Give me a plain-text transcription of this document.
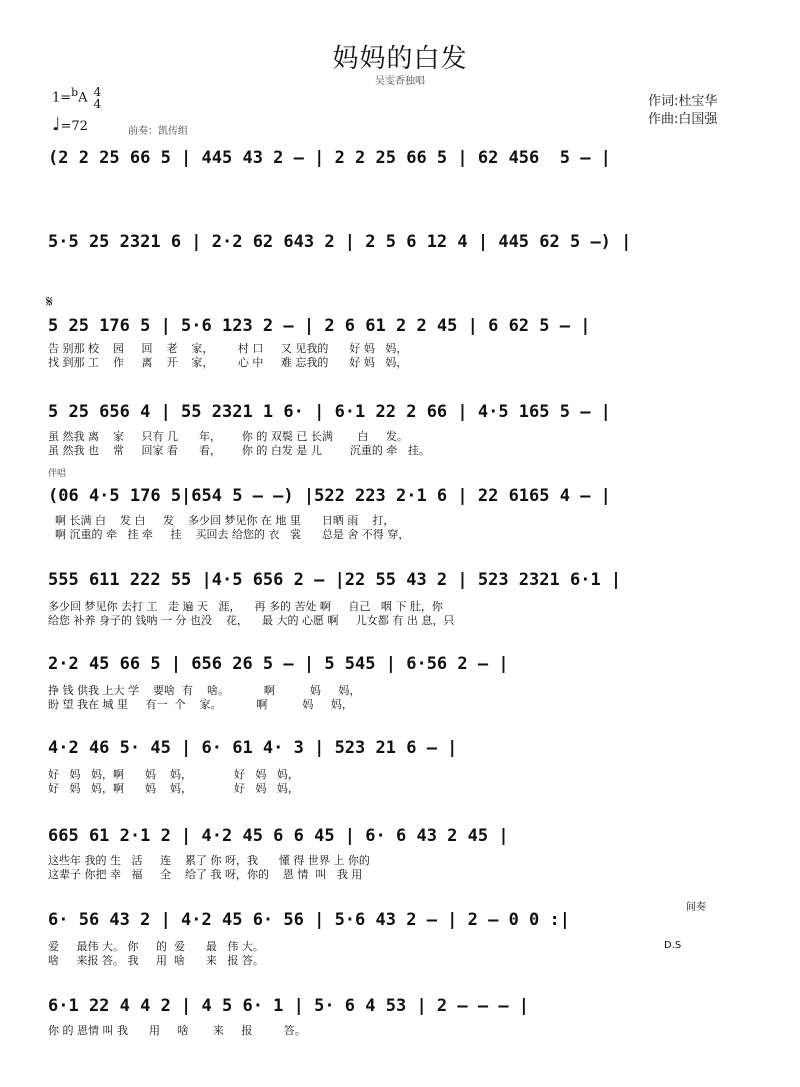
妈妈的白发
吴雯香独唱
1=$^b$A 4
4
♩=72	前奏：凯传组
作词:杜宝华
作曲:白国强
𝄋
伴唱
间奏
D.S
(2 2 25 66 5 | 445 43 2 – | 2 2 25 66 5 | 62 456  5 – |
5·5 25 2321 6 | 2·2 62 643 2 | 2 5 6 12 4 | 445 62 5 –) |
5 25 176 5 | 5·6 123 2 – | 2 6 61 2 2 45 | 6 62 5 – |
告 别那 校    园     回    老    家，       村 口     又 见我的      好 妈   妈，
找 到那 工    作     离    开    家，       心 中     难 忘我的      好 妈   妈，
5 25 656 4 | 55 2321 1 6· | 6·1 22 2 66 | 4·5 165 5 – |
虽 然我 离    家     只有 几      年，      你 的 双鬓 已 长满       白     发。
虽 然我 也    常     回家 看      看，      你 的 白发 是 儿        沉重的 牵   挂。
(06 4·5 176 5|654 5 – –) |522 223 2·1 6 | 22 6165 4 – |
啊 长满 白    发 白     发    多少回 梦见你 在 地 里      日晒 雨    打，
啊 沉重的 牵   挂 牵     挂    买回去 给您的 衣   裳      总是 舍 不得 穿，
555 611 222 55 |4·5 656 2 – |22 55 43 2 | 523 2321 6·1 |
多少回 梦见你 去打 工   走 遍 天   涯，    再 多的 苦处 啊     自己   咽 下 肚，你
给您 补养 身子的 钱呐 一 分 也没    花，    最 大的 心愿 啊     儿女都 有 出 息，只
2·2 45 66 5 | 656 26 5 – | 5 545 | 6·56 2 – |
挣 钱 供我 上大 学    要啥  有    啥。          啊          妈     妈，
盼 望 我在 城 里     有一  个    家。          啊          妈     妈，
4·2 46 5· 45 | 6· 61 4· 3 | 523 21 6 – |
好   妈   妈，啊      妈    妈，            好   妈   妈，
好   妈   妈，啊      妈    妈，            好   妈   妈，
665 61 2·1 2 | 4·2 45 6 6 45 | 6· 6 43 2 45 |
这些年 我的 生   活     连    累了 你 呀，我      懂 得 世界 上 你的
这辈子 你把 幸   福     全    给了 我 呀，你的    恩 情  叫   我 用
6· 56 43 2 | 4·2 45 6· 56 | 5·6 43 2 – | 2 – 0 0 :|
爱     最伟 大。 你     的  爱      最   伟 大。
啥     来报 答。 我     用  啥      来   报 答。
6·1 22 4 4 2 | 4 5 6· 1 | 5· 6 4 53 | 2 – – – |
你 的 恩情 叫 我      用     啥       来     报         答。
